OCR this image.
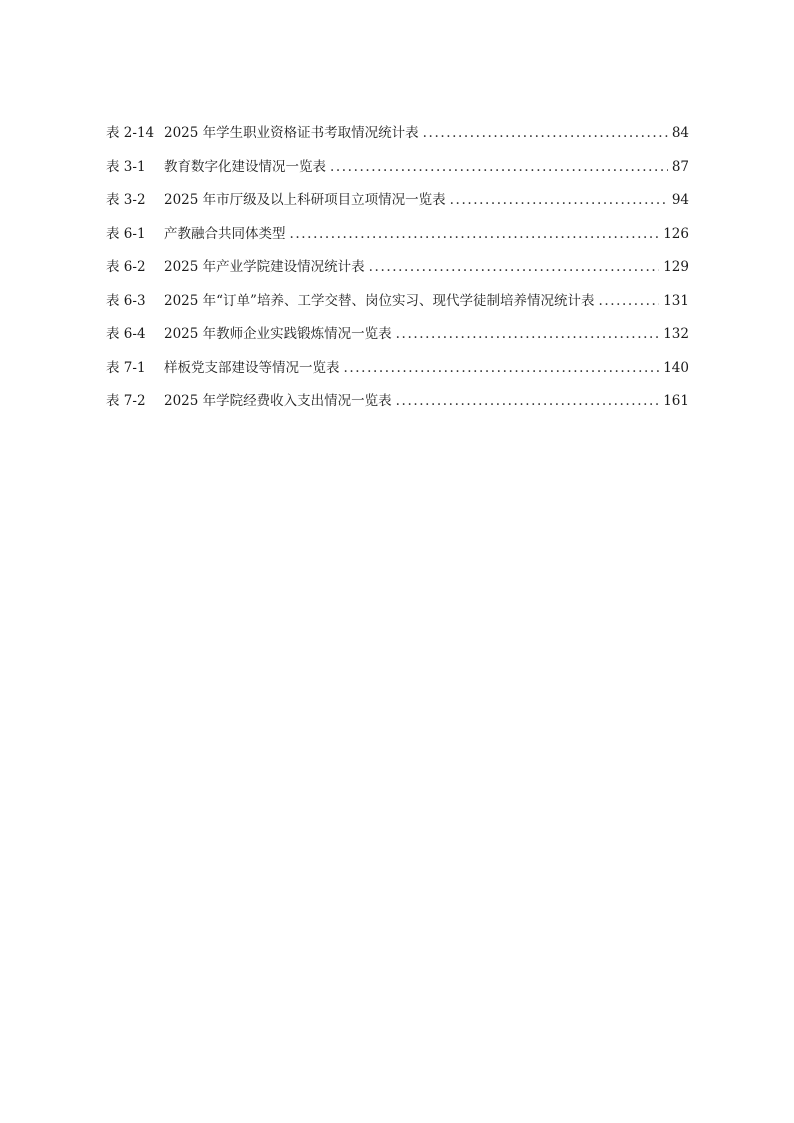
表 2-14 2025 年学生职业资格证书考取情况统计表 .....	84
表 3-1	教育数字化建设情况一览表 .....	87
表 3-2	2025 年市厅级及以上科研项目立项情况一览表 .....	94
表 6-1	产教融合共同体类型 .....	126
表 6-2	2025 年产业学院建设情况统计表 .....	129
表 6-3	2025 年“订单”培养、工学交替、岗位实习、现代学徒制培养情况统计表 .....	131
表 6-4	2025 年教师企业实践锻炼情况一览表 .....	132
表 7-1	样板党支部建设等情况一览表 .....	140
表 7-2	2025 年学院经费收入支出情况一览表 .....	161
